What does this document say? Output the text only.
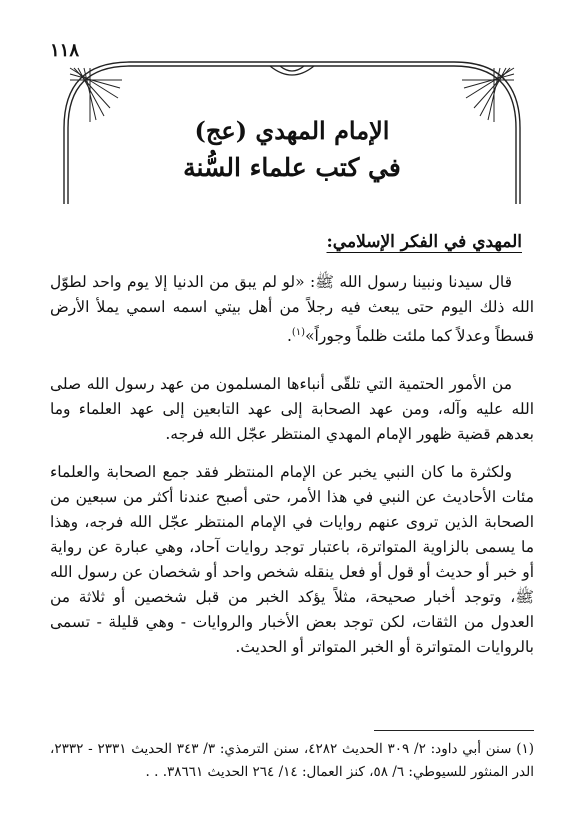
١١٨
الإمام المهدي (عج)
في كتب علماء السُّنة
المهدي في الفكر الإسلامي:
قال سيدنا ونبينا رسول الله ﷺ: «لو لم يبق من الدنيا إلا يوم واحد لطوّل الله ذلك اليوم حتى يبعث فيه رجلاً من أهل بيتي اسمه اسمي يملأ الأرض قسطاً وعدلاً كما ملئت ظلماً وجوراً»$^{(١)}$.
من الأمور الحتمية التي تلقّى أنباءها المسلمون من عهد رسول الله صلى الله عليه وآله، ومن عهد الصحابة إلى عهد التابعين إلى عهد العلماء وما بعدهم قضية ظهور الإمام المهدي المنتظر عجّل الله فرجه.
ولكثرة ما كان النبي يخبر عن الإمام المنتظر فقد جمع الصحابة والعلماء مئات الأحاديث عن النبي في هذا الأمر، حتى أصبح عندنا أكثر من سبعين من الصحابة الذين تروى عنهم روايات في الإمام المنتظر عجّل الله فرجه، وهذا ما يسمى بالزاوية المتواترة، باعتبار توجد روايات آحاد، وهي عبارة عن رواية أو خبر أو حديث أو قول أو فعل ينقله شخص واحد أو شخصان عن رسول الله ﷺ، وتوجد أخبار صحيحة، مثلاً يؤكد الخبر من قبل شخصين أو ثلاثة من العدول من الثقات، لكن توجد بعض الأخبار والروايات - وهي قليلة - تسمى بالروايات المتواترة أو الخبر المتواتر أو الحديث.
(١) سنن أبي داود: ٢/ ٣٠٩ الحديث ٤٢٨٢، سنن الترمذي: ٣/ ٣٤٣ الحديث ٢٣٣١ - ٢٣٣٢، الدر المنثور للسيوطي: ٦/ ٥٨، كنز العمال: ١٤/ ٢٦٤ الحديث ٣٨٦٦١. . .
